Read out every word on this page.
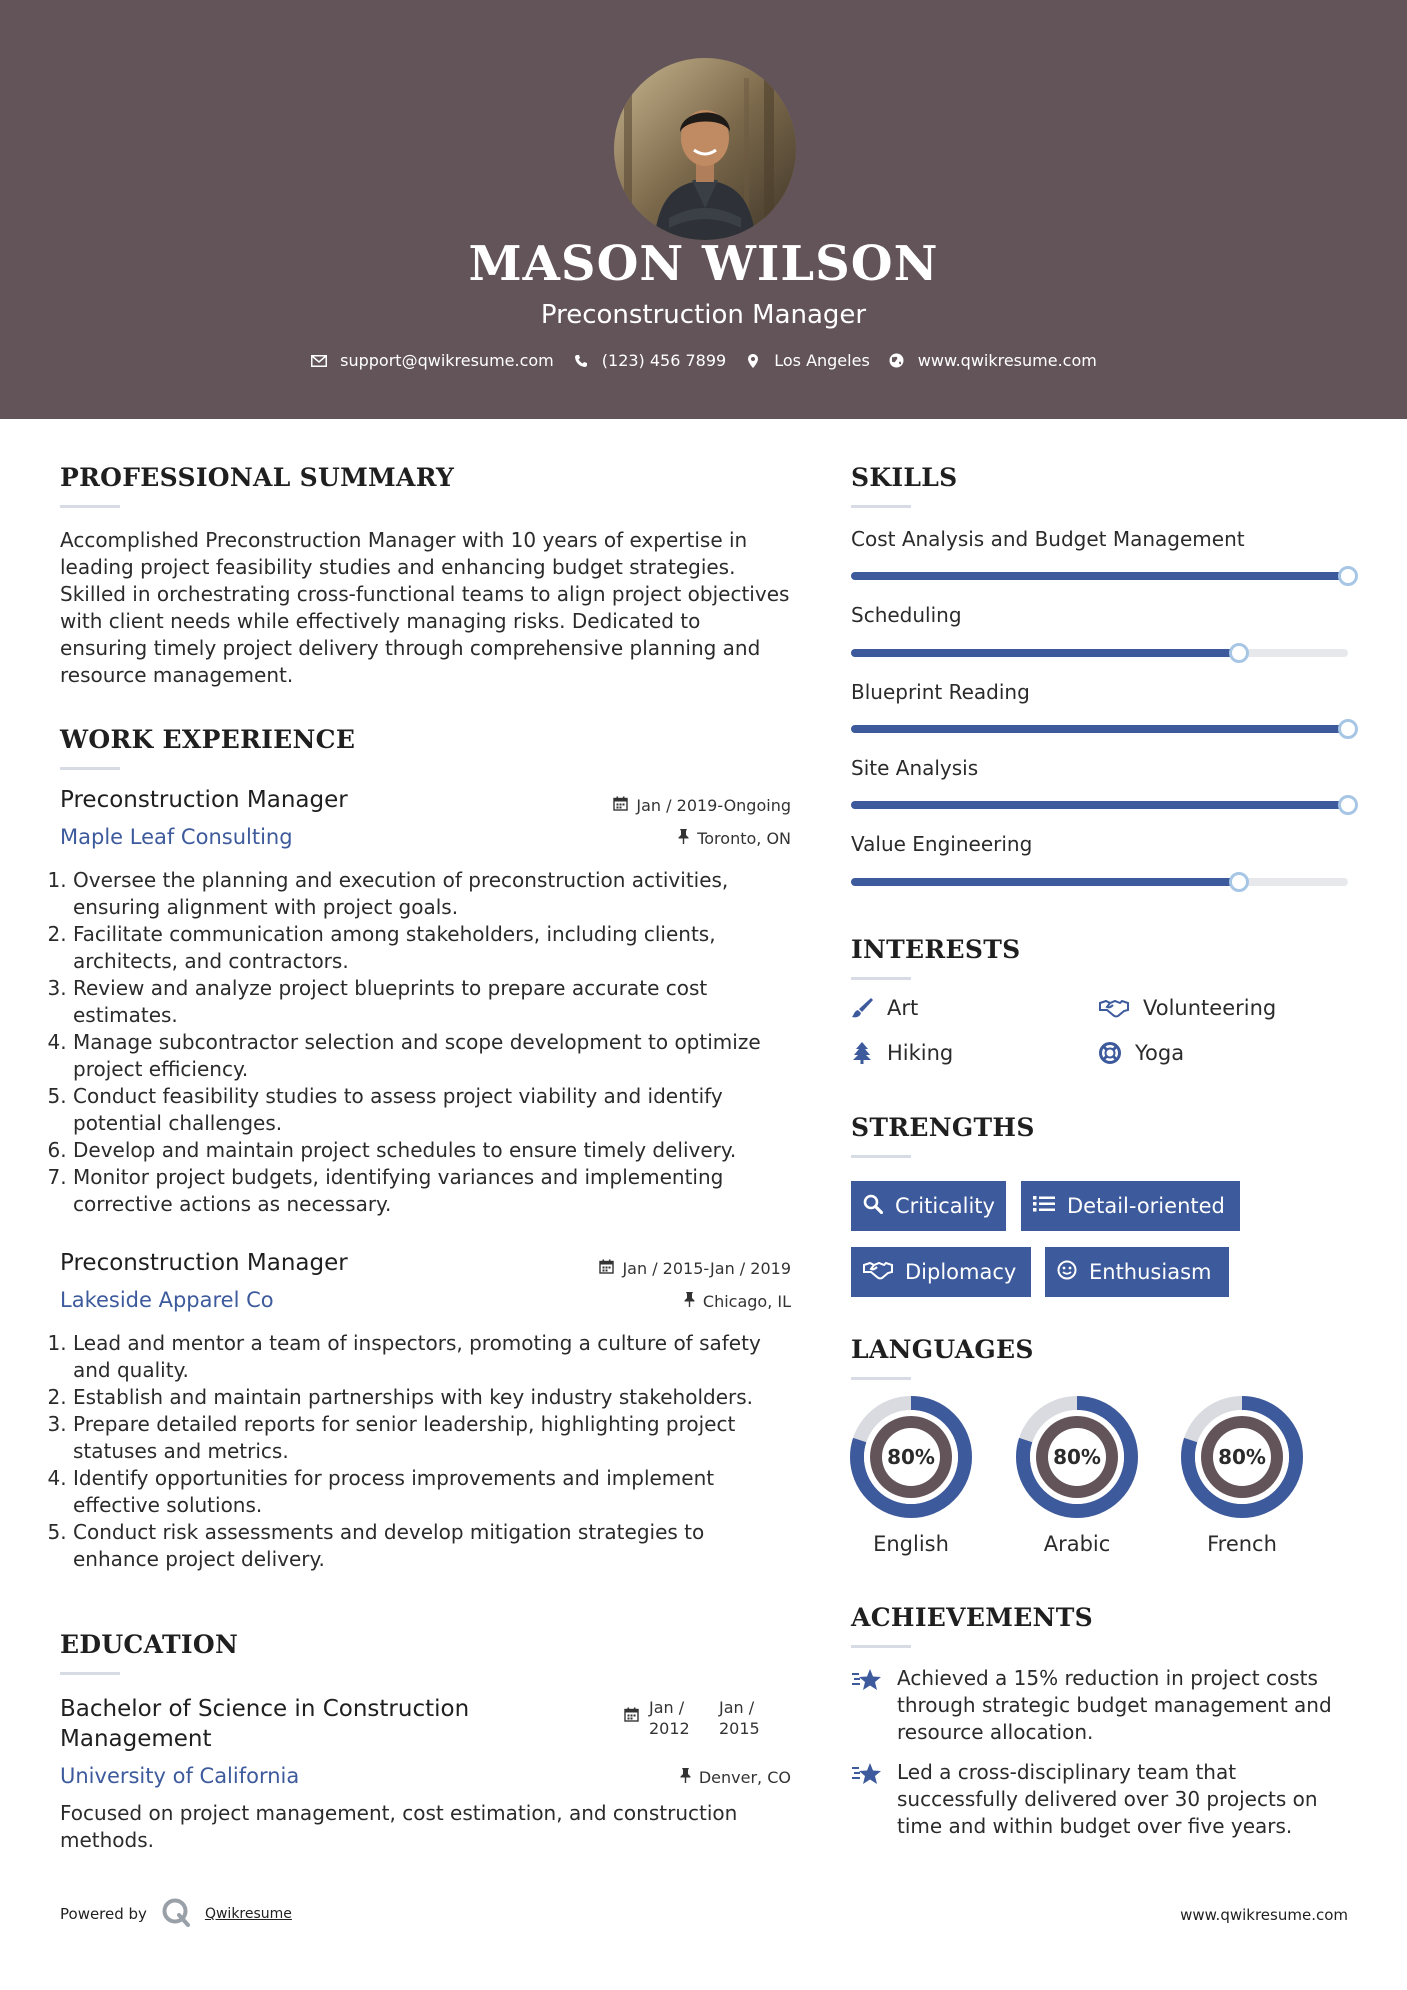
MASON WILSON
Preconstruction Manager
support@qwikresume.com	(123) 456 7899	Los Angeles	www.qwikresume.com
PROFESSIONAL SUMMARY
Accomplished Preconstruction Manager with 10 years of expertise in leading project feasibility studies and enhancing budget strategies. Skilled in orchestrating cross-functional teams to align project objectives with client needs while effectively managing risks. Dedicated to ensuring timely project delivery through comprehensive planning and resource management.
WORK EXPERIENCE
Preconstruction Manager	Jan / 2019-Ongoing
Maple Leaf Consulting	Toronto, ON
1. Oversee the planning and execution of preconstruction activities, ensuring alignment with project goals.
2. Facilitate communication among stakeholders, including clients, architects, and contractors.
3. Review and analyze project blueprints to prepare accurate cost estimates.
4. Manage subcontractor selection and scope development to optimize project efficiency.
5. Conduct feasibility studies to assess project viability and identify potential challenges.
6. Develop and maintain project schedules to ensure timely delivery.
7. Monitor project budgets, identifying variances and implementing corrective actions as necessary.
Preconstruction Manager	Jan / 2015-Jan / 2019
Lakeside Apparel Co	Chicago, IL
1. Lead and mentor a team of inspectors, promoting a culture of safety and quality.
2. Establish and maintain partnerships with key industry stakeholders.
3. Prepare detailed reports for senior leadership, highlighting project statuses and metrics.
4. Identify opportunities for process improvements and implement effective solutions.
5. Conduct risk assessments and develop mitigation strategies to enhance project delivery.
EDUCATION
Bachelor of Science in Construction Management
Jan / 2012
Jan / 2015
University of California	Denver, CO
Focused on project management, cost estimation, and construction methods.
SKILLS
Cost Analysis and Budget Management
Scheduling
Blueprint Reading
Site Analysis
Value Engineering
INTERESTS
Art	Volunteering
Hiking	Yoga
STRENGTHS
Criticality	Detail-oriented
Diplomacy	Enthusiasm
LANGUAGES
80%
English
80%
Arabic
80%
French
ACHIEVEMENTS
Achieved a 15% reduction in project costs through strategic budget management and resource allocation.
Led a cross-disciplinary team that successfully delivered over 30 projects on time and within budget over five years.
Powered by	Qwikresume	www.qwikresume.com
